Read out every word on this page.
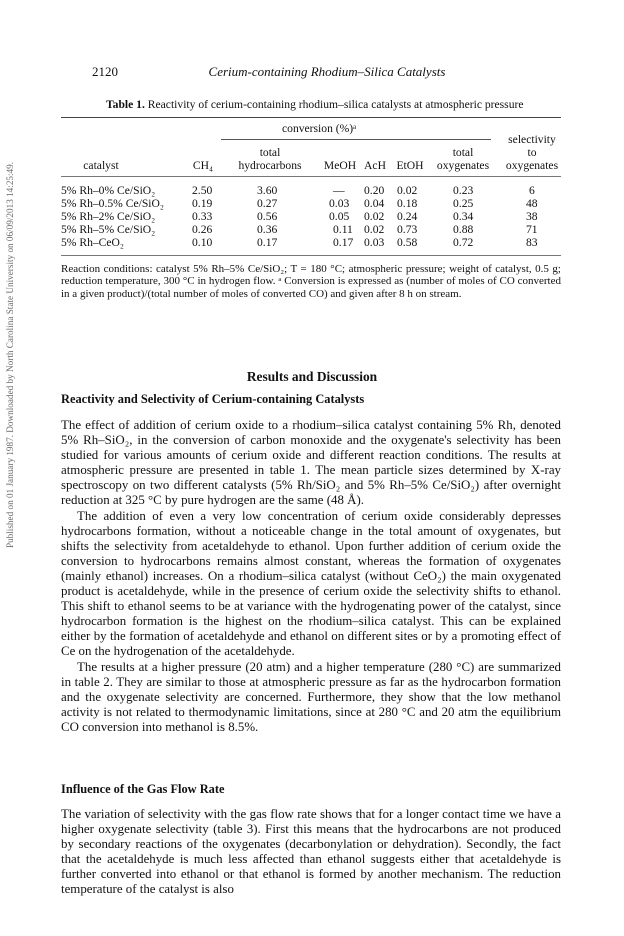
Published on 01 January 1987. Downloaded by North Carolina State University on 06/09/2013 14:25:49.
2120	Cerium-containing Rhodium–Silica Catalysts
Table 1. Reactivity of cerium-containing rhodium–silica catalysts at atmospheric pressure
conversion (%)ᵃ
catalyst	CH₄
total
hydrocarbons	MeOH AcH EtOH
total
oxygenates
selectivity
to
oxygenates
5% Rh–0% Ce/SiO₂	2.50	3.60	— 0.20 0.02	0.23	6
5% Rh–0.5% Ce/SiO₂ 0.19	0.27	0.03 0.04 0.18	0.25	48
5% Rh–2% Ce/SiO₂	0.33	0.56	0.05 0.02 0.24	0.34	38
5% Rh–5% Ce/SiO₂	0.26	0.36	0.11 0.02 0.73	0.88	71
5% Rh–CeO₂	0.10	0.17	0.17 0.03 0.58	0.72	83
Reaction conditions: catalyst 5% Rh–5% Ce/SiO₂; T = 180 °C; atmospheric pressure; weight of catalyst, 0.5 g; reduction temperature, 300 °C in hydrogen flow. ᵃ Conversion is expressed as (number of moles of CO converted in a given product)/(total number of moles of converted CO) and given after 8 h on stream.
Results and Discussion
Reactivity and Selectivity of Cerium-containing Catalysts

The effect of addition of cerium oxide to a rhodium–silica catalyst containing 5% Rh, denoted 5% Rh–SiO₂, in the conversion of carbon monoxide and the oxygenate's selectivity has been studied for various amounts of cerium oxide and different reaction conditions. The results at atmospheric pressure are presented in table 1. The mean particle sizes determined by X-ray spectroscopy on two different catalysts (5% Rh/SiO₂ and 5% Rh–5% Ce/SiO₂) after overnight reduction at 325 °C by pure hydrogen are the same (48 Å).

The addition of even a very low concentration of cerium oxide considerably depresses hydrocarbons formation, without a noticeable change in the total amount of oxygenates, but shifts the selectivity from acetaldehyde to ethanol. Upon further addition of cerium oxide the conversion to hydrocarbons remains almost constant, whereas the formation of oxygenates (mainly ethanol) increases. On a rhodium–silica catalyst (without CeO₂) the main oxygenated product is acetaldehyde, while in the presence of cerium oxide the selectivity shifts to ethanol. This shift to ethanol seems to be at variance with the hydrogenating power of the catalyst, since hydrocarbon formation is the highest on the rhodium–silica catalyst. This can be explained either by the formation of acetaldehyde and ethanol on different sites or by a promoting effect of Ce on the hydrogenation of the acetaldehyde.

The results at a higher pressure (20 atm) and a higher temperature (280 °C) are summarized in table 2. They are similar to those at atmospheric pressure as far as the hydrocarbon formation and the oxygenate selectivity are concerned. Furthermore, they show that the low methanol activity is not related to thermodynamic limitations, since at 280 °C and 20 atm the equilibrium CO conversion into methanol is 8.5%.

Influence of the Gas Flow Rate

The variation of selectivity with the gas flow rate shows that for a longer contact time we have a higher oxygenate selectivity (table 3). First this means that the hydrocarbons are not produced by secondary reactions of the oxygenates (decarbonylation or dehydration). Secondly, the fact that the acetaldehyde is much less affected than ethanol suggests either that acetaldehyde is further converted into ethanol or that ethanol is formed by another mechanism. The reduction temperature of the catalyst is also
